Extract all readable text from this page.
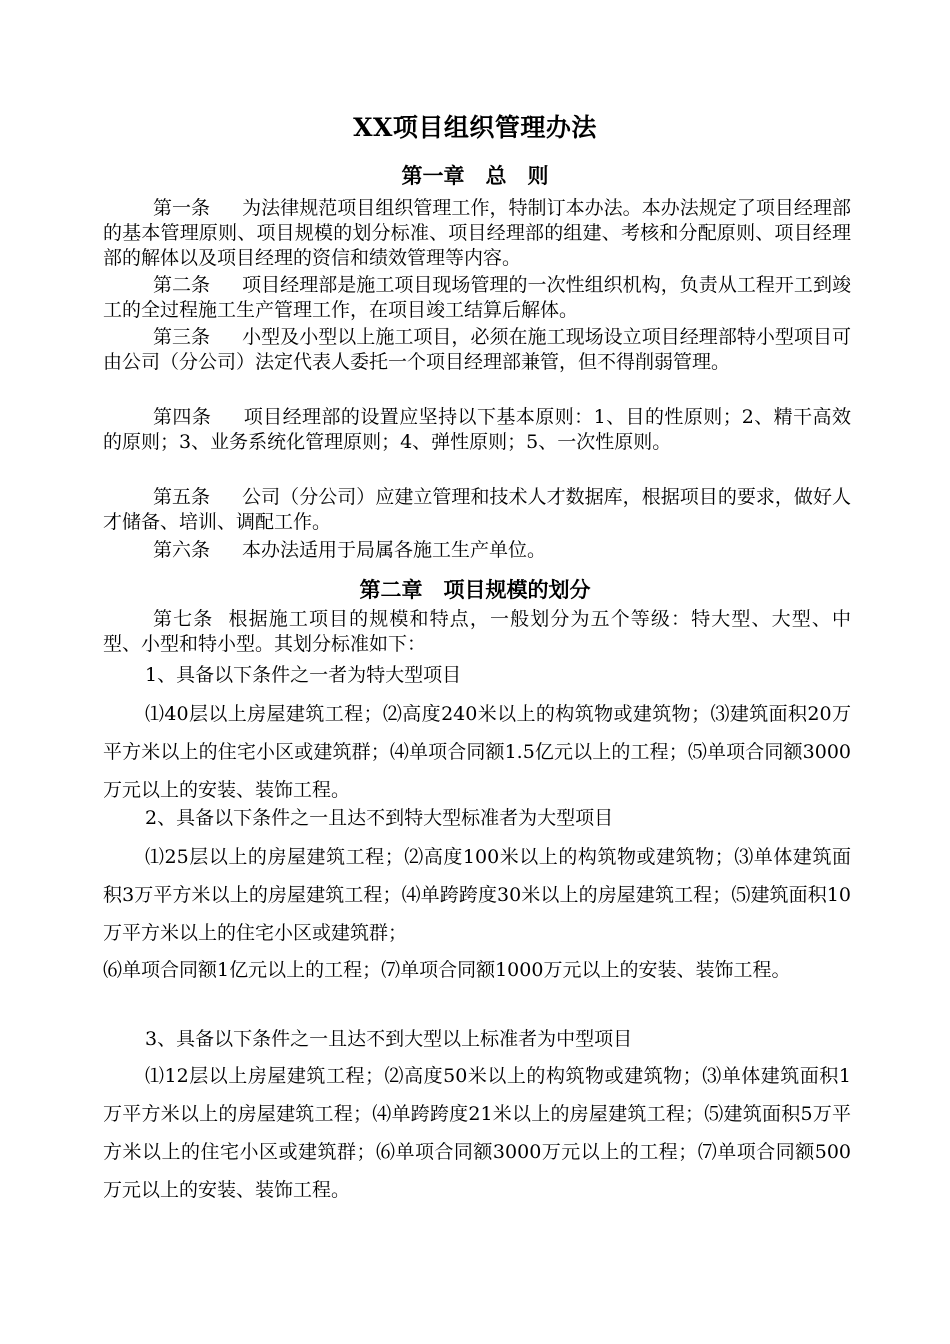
XX项目组织管理办法
第一章　总　则
第一条 为法律规范项目组织管理工作，特制订本办法。本办法规定了项目经理部的基本管理原则、项目规模的划分标准、项目经理部的组建、考核和分配原则、项目经理部的解体以及项目经理的资信和绩效管理等内容。
第二条 项目经理部是施工项目现场管理的一次性组织机构，负责从工程开工到竣工的全过程施工生产管理工作，在项目竣工结算后解体。
第三条 小型及小型以上施工项目，必须在施工现场设立项目经理部特小型项目可由公司（分公司）法定代表人委托一个项目经理部兼管，但不得削弱管理。
第四条 项目经理部的设置应坚持以下基本原则：1、目的性原则；2、精干高效的原则；3、业务系统化管理原则；4、弹性原则；5、一次性原则。
第五条 公司（分公司）应建立管理和技术人才数据库，根据项目的要求，做好人才储备、培训、调配工作。
第六条 本办法适用于局属各施工生产单位。
第二章　项目规模的划分
第七条 根据施工项目的规模和特点，一般划分为五个等级：特大型、大型、中型、小型和特小型。其划分标准如下：
1、具备以下条件之一者为特大型项目
⑴40层以上房屋建筑工程；⑵高度240米以上的构筑物或建筑物；⑶建筑面积20万平方米以上的住宅小区或建筑群；⑷单项合同额1.5亿元以上的工程；⑸单项合同额3000万元以上的安装、装饰工程。
2、具备以下条件之一且达不到特大型标准者为大型项目
⑴25层以上的房屋建筑工程；⑵高度100米以上的构筑物或建筑物；⑶单体建筑面积3万平方米以上的房屋建筑工程；⑷单跨跨度30米以上的房屋建筑工程；⑸建筑面积10万平方米以上的住宅小区或建筑群；
⑹单项合同额1亿元以上的工程；⑺单项合同额1000万元以上的安装、装饰工程。
3、具备以下条件之一且达不到大型以上标准者为中型项目
⑴12层以上房屋建筑工程；⑵高度50米以上的构筑物或建筑物；⑶单体建筑面积1万平方米以上的房屋建筑工程；⑷单跨跨度21米以上的房屋建筑工程；⑸建筑面积5万平方米以上的住宅小区或建筑群；⑹单项合同额3000万元以上的工程；⑺单项合同额500万元以上的安装、装饰工程。
